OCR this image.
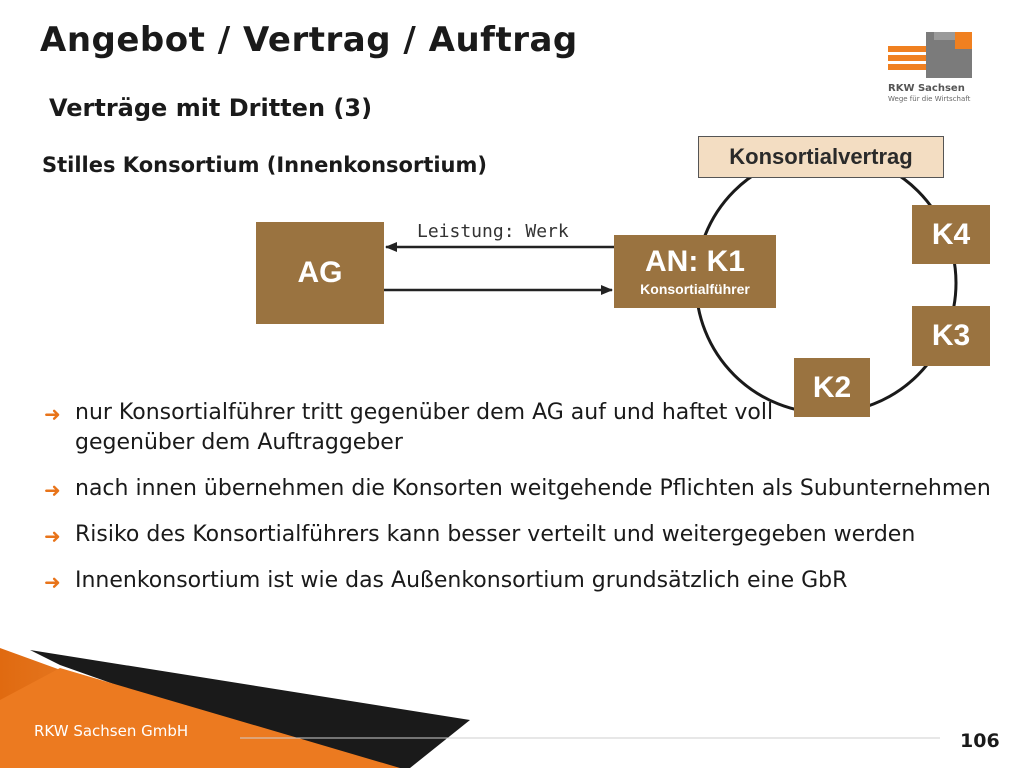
Angebot / Vertrag / Auftrag
Verträge mit Dritten (3)
Stilles Konsortium (Innenkonsortium)
RKW Sachsen
Wege für die Wirtschaft
Konsortialvertrag
Leistung: Werk
AG	AN: K1
Konsortialführer
K4
K3
K2
➜ nur Konsortialführer tritt gegenüber dem AG auf und haftet voll gegenüber dem Auftraggeber
➜ nach innen übernehmen die Konsorten weitgehende Pflichten als Subunternehmen
➜ Risiko des Konsortialführers kann besser verteilt und weitergegeben werden
➜ Innenkonsortium ist wie das Außenkonsortium grundsätzlich eine GbR
RKW Sachsen GmbH	106
